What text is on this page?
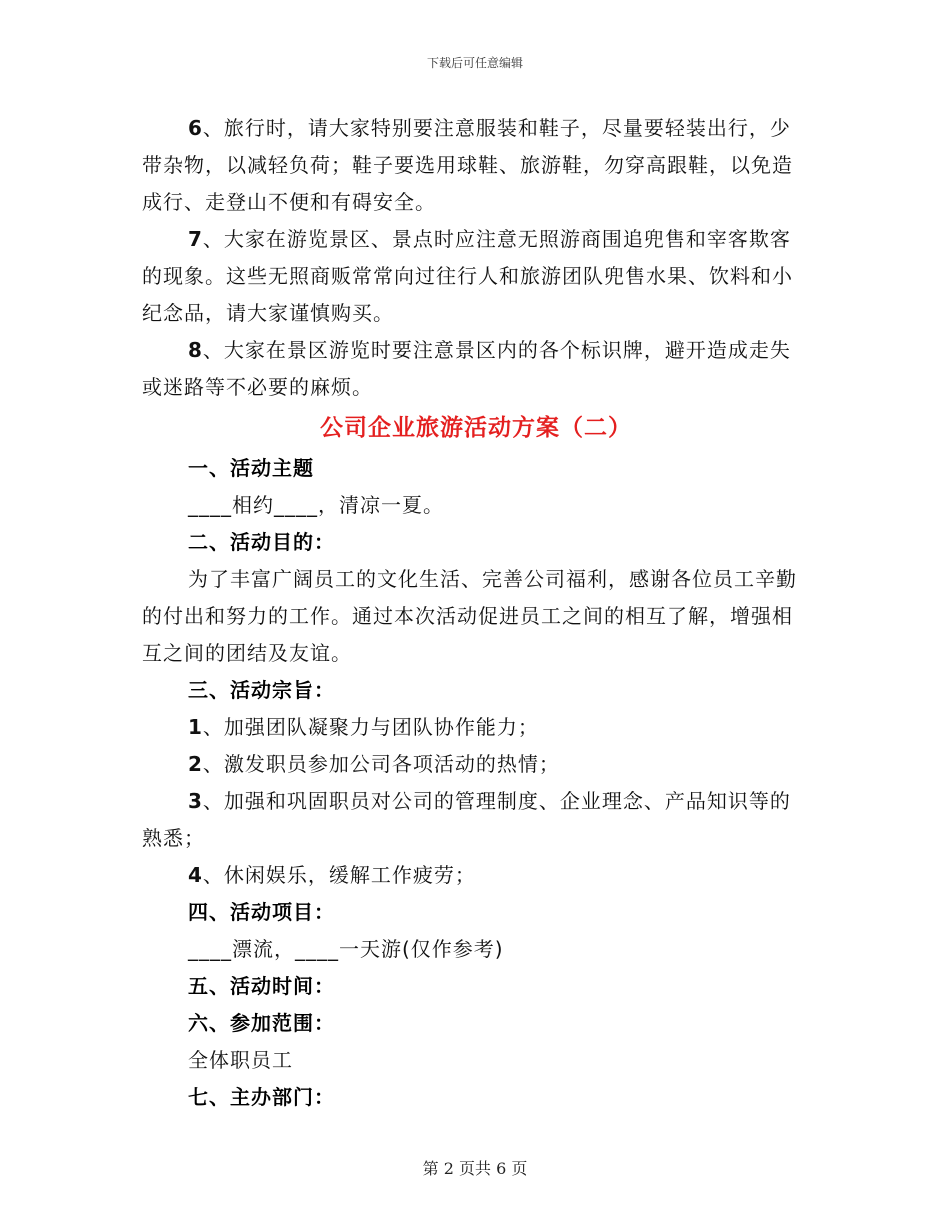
下载后可任意编辑

6、旅行时，请大家特别要注意服装和鞋子，尽量要轻装出行，少带杂物，以减轻负荷；鞋子要选用球鞋、旅游鞋，勿穿高跟鞋，以免造成行、走登山不便和有碍安全。

7、大家在游览景区、景点时应注意无照游商围追兜售和宰客欺客的现象。这些无照商贩常常向过往行人和旅游团队兜售水果、饮料和小纪念品，请大家谨慎购买。

8、大家在景区游览时要注意景区内的各个标识牌，避开造成走失或迷路等不必要的麻烦。

公司企业旅游活动方案（二）

一、活动主题

____相约____，清凉一夏。

二、活动目的：

为了丰富广阔员工的文化生活、完善公司福利，感谢各位员工辛勤的付出和努力的工作。通过本次活动促进员工之间的相互了解，增强相互之间的团结及友谊。

三、活动宗旨：

1、加强团队凝聚力与团队协作能力；

2、激发职员参加公司各项活动的热情；

3、加强和巩固职员对公司的管理制度、企业理念、产品知识等的熟悉；

4、休闲娱乐，缓解工作疲劳；

四、活动项目：

____漂流，____一天游(仅作参考)

五、活动时间：

六、参加范围：

全体职员工

七、主办部门：

第 2 页共 6 页
